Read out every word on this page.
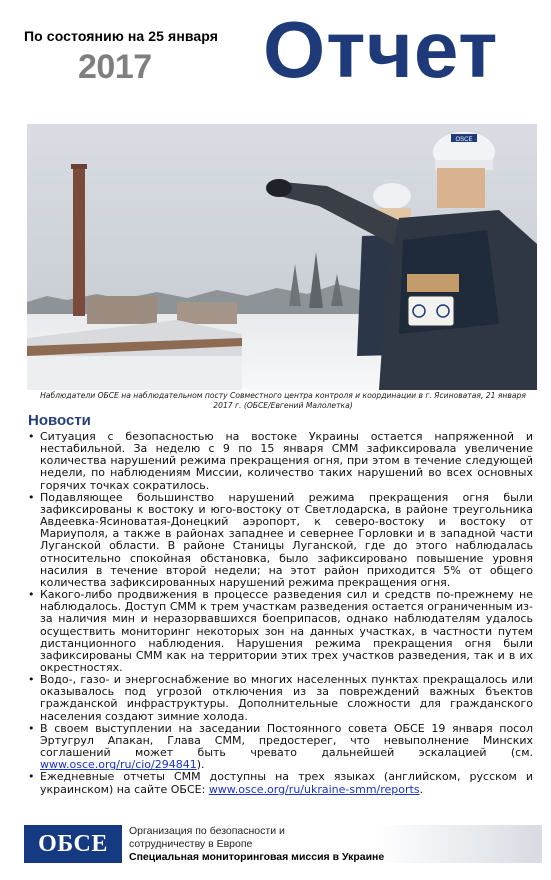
По состоянию на 25 января
2017 Отчет
OSCE
Наблюдатели ОБСЕ на наблюдательном посту Совместного центра контроля и координации в г. Ясиноватая, 21 января 2017 г. (ОБСЕ/Евгений Малолетка)
Новости
• Ситуация с безопасностью на востоке Украины остается напряженной и нестабильной. За неделю с 9 по 15 января СММ зафиксировала увеличение количества нарушений режима прекращения огня, при этом в течение следующей недели, по наблюдениям Миссии, количество таких нарушений во всех основных горячих точках сократилось.
• Подавляющее большинство нарушений режима прекращения огня были зафиксированы к востоку и юго-востоку от Светлодарска, в районе треугольника Авдеевка-Ясиноватая-Донецкий аэропорт, к северо-востоку и востоку от Мариуполя, а также в районах западнее и севернее Горловки и в западной части Луганской области. В районе Станицы Луганской, где до этого наблюдалась относительно спокойная обстановка, было зафиксировано повышение уровня насилия в течение второй недели; на этот район приходится 5% от общего количества зафиксированных нарушений режима прекращения огня.
• Какого-либо продвижения в процессе разведения сил и средств по-прежнему не наблюдалось. Доступ СММ к трем участкам разведения остается ограниченным из-за наличия мин и неразорвавшихся боеприпасов, однако наблюдателям удалось осуществить мониторинг некоторых зон на данных участках, в частности путем дистанционного наблюдения. Нарушения режима прекращения огня были зафиксированы СММ как на территории этих трех участков разведения, так и в их окрестностях.
• Водо-, газо- и энергоснабжение во многих населенных пунктах прекращалось или оказывалось под угрозой отключения из за повреждений важных бъектов гражданской инфраструктуры. Дополнительные сложности для гражданского населения создают зимние холода.
• В своем выступлении на заседании Постоянного совета ОБСЕ 19 января посол Эртугрул Апакан, Глава СММ, предостерег, что невыполнение Минских соглашений может быть чревато дальнейшей эскалацией (см. www.osce.org/ru/cio/294841).
• Ежедневные отчеты СММ доступны на трех языках (английском, русском и украинском) на сайте ОБСЕ: www.osce.org/ru/ukraine-smm/reports.
ОБСЕ	Организация по безопасности и
сотрудничеству в Европе
Специальная мониторинговая миссия в Украине
